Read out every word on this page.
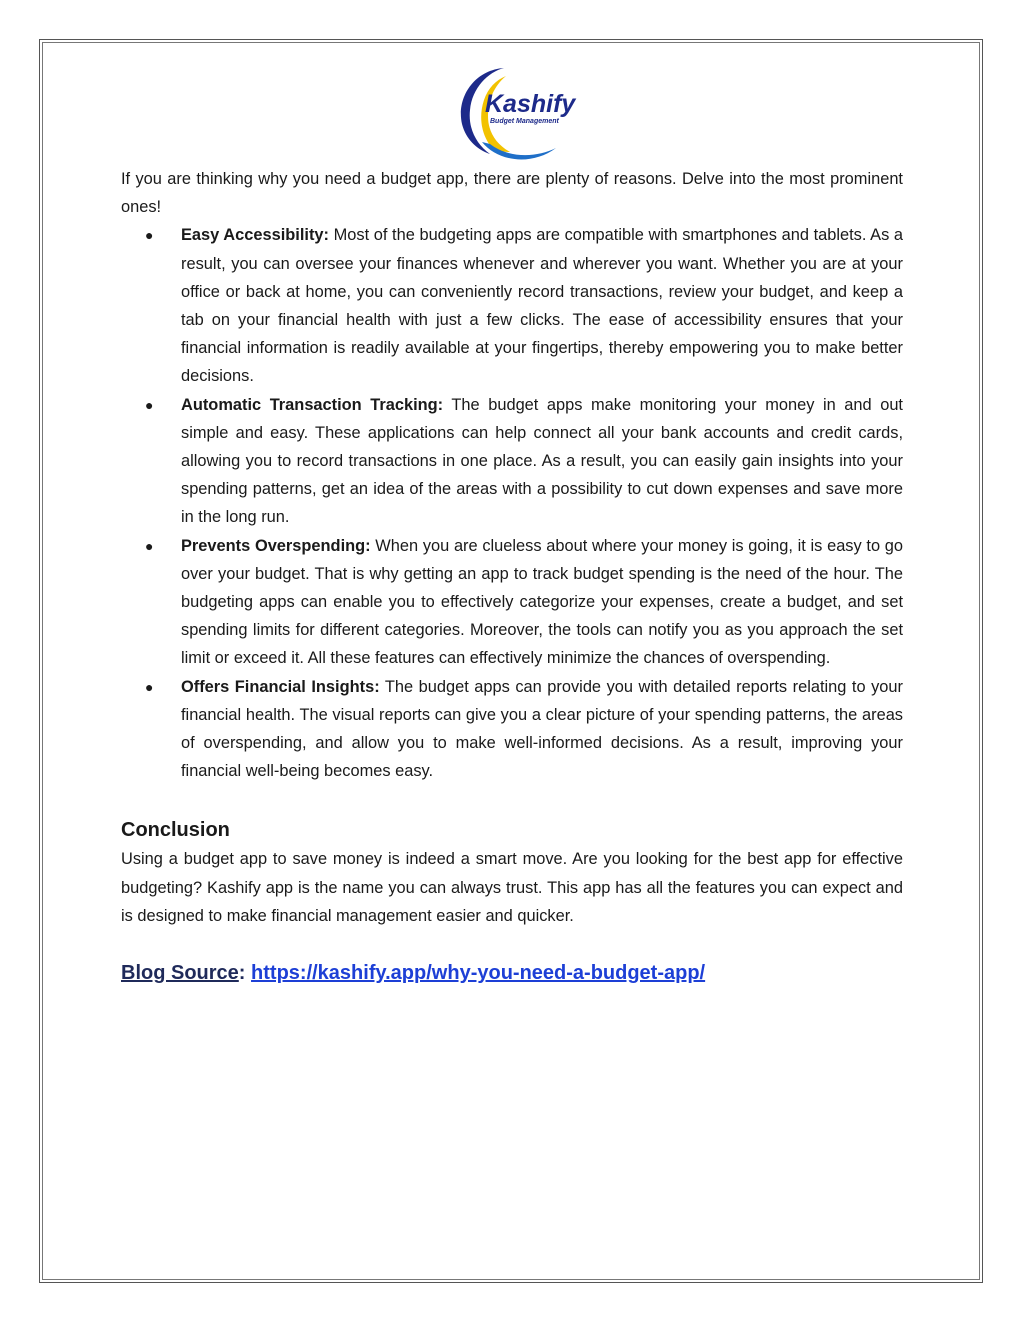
Kashify
Budget Management

If you are thinking why you need a budget app, there are plenty of reasons. Delve into the most prominent ones!

● Easy Accessibility: Most of the budgeting apps are compatible with smartphones and tablets. As a result, you can oversee your finances whenever and wherever you want. Whether you are at your office or back at home, you can conveniently record transactions, review your budget, and keep a tab on your financial health with just a few clicks. The ease of accessibility ensures that your financial information is readily available at your fingertips, thereby empowering you to make better decisions.
● Automatic Transaction Tracking: The budget apps make monitoring your money in and out simple and easy. These applications can help connect all your bank accounts and credit cards, allowing you to record transactions in one place. As a result, you can easily gain insights into your spending patterns, get an idea of the areas with a possibility to cut down expenses and save more in the long run.
● Prevents Overspending: When you are clueless about where your money is going, it is easy to go over your budget. That is why getting an app to track budget spending is the need of the hour. The budgeting apps can enable you to effectively categorize your expenses, create a budget, and set spending limits for different categories. Moreover, the tools can notify you as you approach the set limit or exceed it. All these features can effectively minimize the chances of overspending.
● Offers Financial Insights: The budget apps can provide you with detailed reports relating to your financial health. The visual reports can give you a clear picture of your spending patterns, the areas of overspending, and allow you to make well-informed decisions. As a result, improving your financial well-being becomes easy.
Conclusion

Using a budget app to save money is indeed a smart move. Are you looking for the best app for effective budgeting? Kashify app is the name you can always trust. This app has all the features you can expect and is designed to make financial management easier and quicker.

Blog Source: https://kashify.app/why-you-need-a-budget-app/
